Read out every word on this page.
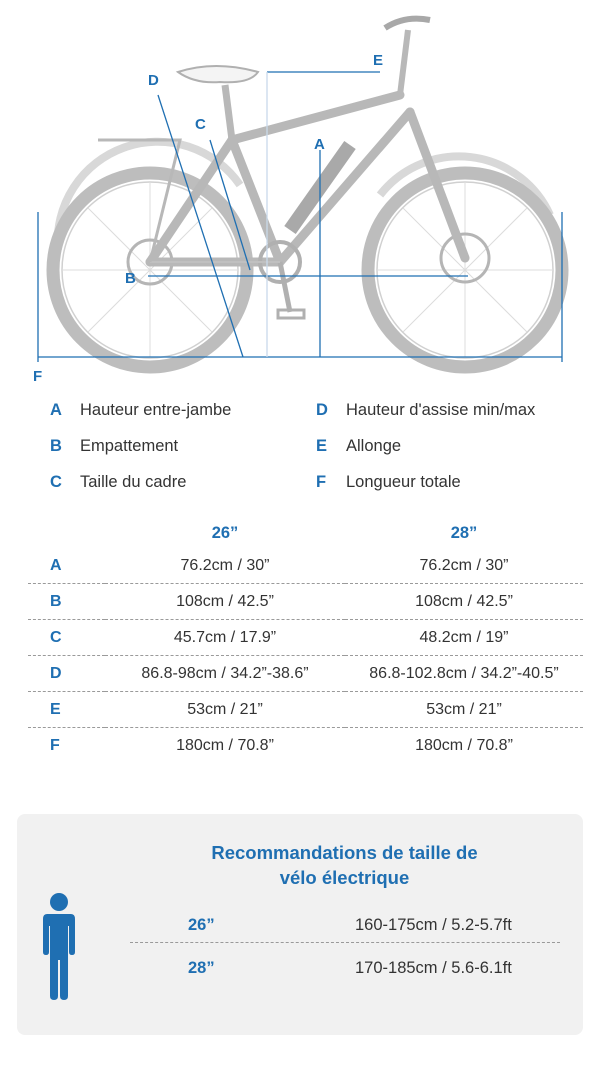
A
B
C
D
E
F
A Hauteur entre-jambe
B Empattement
C Taille du cadre
D Hauteur d'assise min/max
E Allonge
F Longueur totale
	26”	28”
A	76.2cm / 30”	76.2cm / 30”
B	108cm / 42.5”	108cm / 42.5”
C	45.7cm / 17.9”	48.2cm / 19”
D	86.8-98cm / 34.2”-38.6”	86.8-102.8cm / 34.2”-40.5”
E	53cm / 21”	53cm / 21”
F	180cm / 70.8”	180cm / 70.8”
Recommandations de taille de
vélo électrique
26”	160-175cm / 5.2-5.7ft
28”	170-185cm / 5.6-6.1ft
